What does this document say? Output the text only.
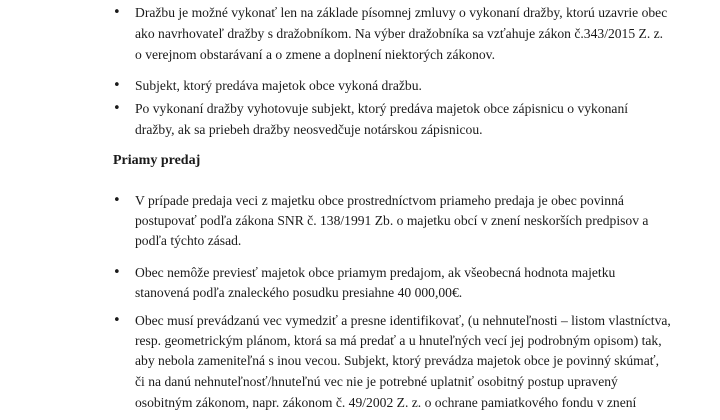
• Dražbu je možné vykonať len na základe písomnej zmluvy o vykonaní dražby, ktorú uzavrie obec
ako navrhovateľ dražby s dražobníkom. Na výber dražobníka sa vzťahuje zákon č.343/2015 Z. z.
o verejnom obstarávaní a o zmene a doplnení niektorých zákonov.
• Subjekt, ktorý predáva majetok obce vykoná dražbu.
• Po vykonaní dražby vyhotovuje subjekt, ktorý predáva majetok obce zápisnicu o vykonaní
dražby, ak sa priebeh dražby neosvedčuje notárskou zápisnicou.
Priamy predaj
• V prípade predaja veci z majetku obce prostredníctvom priameho predaja je obec povinná
postupovať podľa zákona SNR č. 138/1991 Zb. o majetku obcí v znení neskorších predpisov a
podľa týchto zásad.
• Obec nemôže previesť majetok obce priamym predajom, ak všeobecná hodnota majetku
stanovená podľa znaleckého posudku presiahne 40 000,00€.
• Obec musí prevádzanú vec vymedziť a presne identifikovať, (u nehnuteľnosti – listom vlastníctva,
resp. geometrickým plánom, ktorá sa má predať a u hnuteľných vecí jej podrobným opisom) tak,
aby nebola zameniteľná s inou vecou. Subjekt, ktorý prevádza majetok obce je povinný skúmať,
či na danú nehnuteľnosť/hnuteľnú vec nie je potrebné uplatniť osobitný postup upravený
osobitným zákonom, napr. zákonom č. 49/2002 Z. z. o ochrane pamiatkového fondu v znení
